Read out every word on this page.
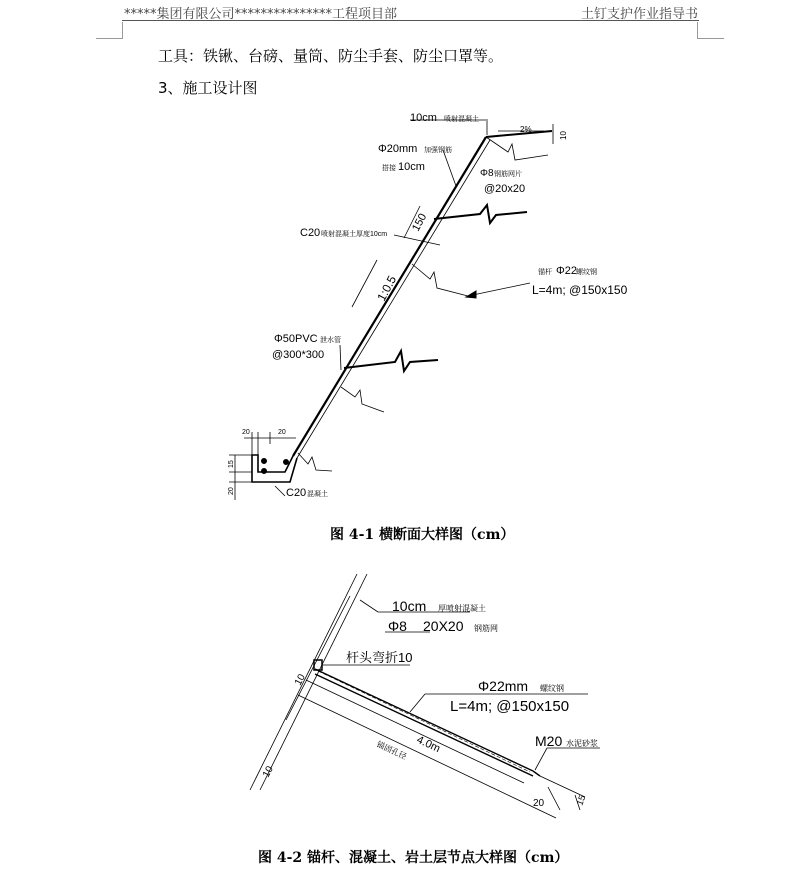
*****集团有限公司***************工程项目部	土钉支护作业指导书
工具：铁锹、台磅、量筒、防尘手套、防尘口罩等。
3、施工设计图
10cm 喷射混凝土
2%
10
Φ20mm 加强钢筋
搭接 10cm
Φ8 钢筋网片
@20x20
150
C20 喷射混凝土厚度10cm
1:0.5
锚杆 Φ22
螺纹钢
L=4m; @150x150
Φ50PVC 泄水管
@300*300
20	20
15
20	C20 混凝土
10cm 厚喷射混凝土
Φ8 20X20 钢筋网
杆头弯折10
Φ22mm 螺纹钢
L=4m; @150x150
M20 水泥砂浆
4.0m
锚固孔径
10
10
20	15
图 4-1 横断面大样图（cm）
图 4-2 锚杆、混凝土、岩土层节点大样图（cm）
